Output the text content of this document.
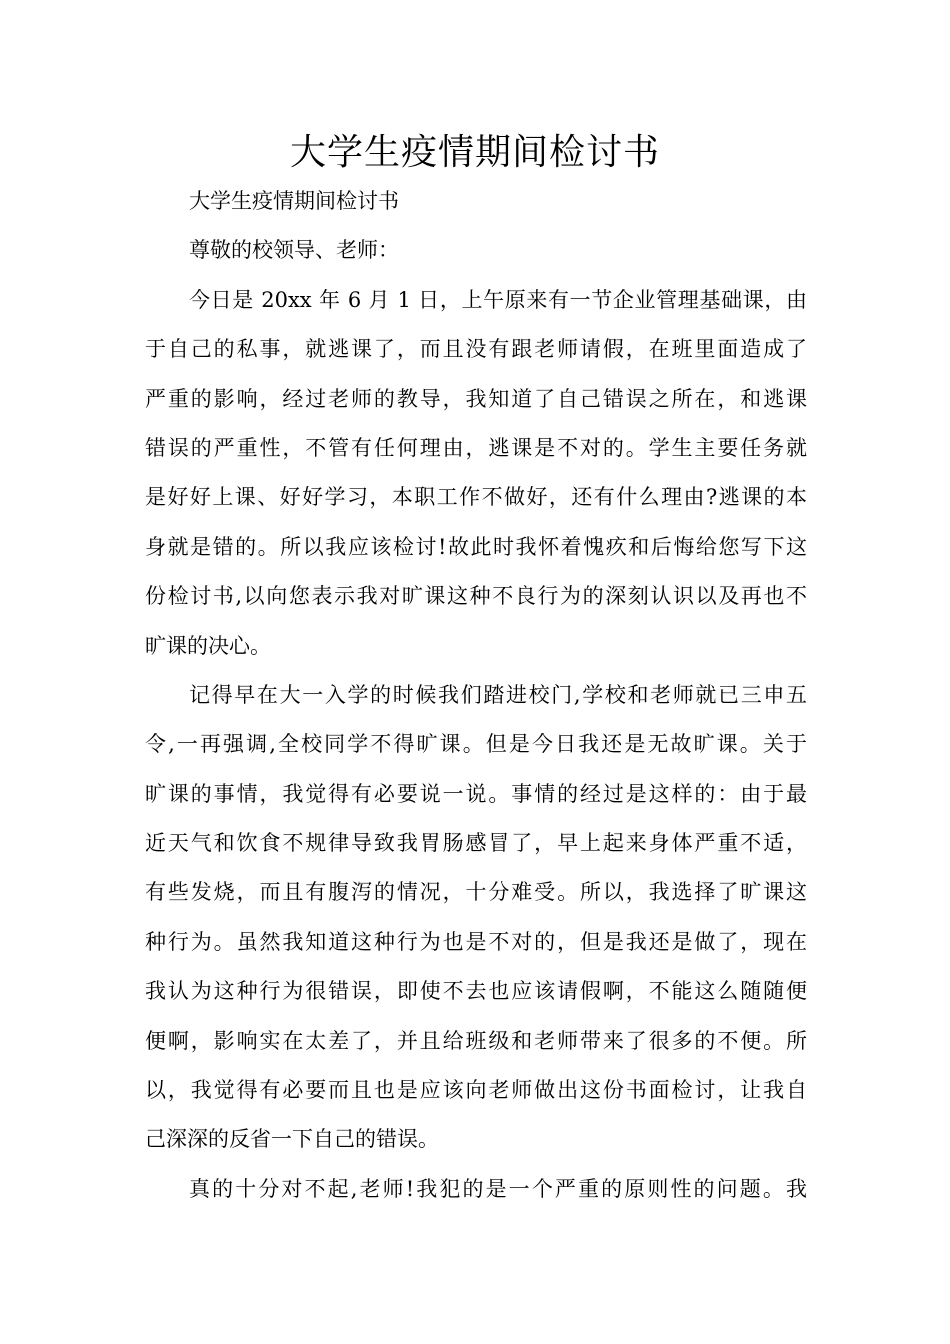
大学生疫情期间检讨书

大学生疫情期间检讨书

尊敬的校领导、老师：

今日是 20xx 年 6 月 1 日，上午原来有一节企业管理基础课，由

于自己的私事，就逃课了，而且没有跟老师请假，在班里面造成了

严重的影响，经过老师的教导，我知道了自己错误之所在，和逃课

错误的严重性，不管有任何理由，逃课是不对的。学生主要任务就

是好好上课、好好学习，本职工作不做好，还有什么理由?逃课的本

身就是错的。所以我应该检讨!故此时我怀着愧疚和后悔给您写下这

份检讨书,以向您表示我对旷课这种不良行为的深刻认识以及再也不

旷课的决心。

记得早在大一入学的时候我们踏进校门,学校和老师就已三申五

令,一再强调,全校同学不得旷课。但是今日我还是无故旷课。关于

旷课的事情，我觉得有必要说一说。事情的经过是这样的：由于最

近天气和饮食不规律导致我胃肠感冒了，早上起来身体严重不适，

有些发烧，而且有腹泻的情况，十分难受。所以，我选择了旷课这

种行为。虽然我知道这种行为也是不对的，但是我还是做了，现在

我认为这种行为很错误，即使不去也应该请假啊，不能这么随随便

便啊，影响实在太差了，并且给班级和老师带来了很多的不便。所

以，我觉得有必要而且也是应该向老师做出这份书面检讨，让我自

己深深的反省一下自己的错误。

真的十分对不起,老师!我犯的是一个严重的原则性的问题。我
